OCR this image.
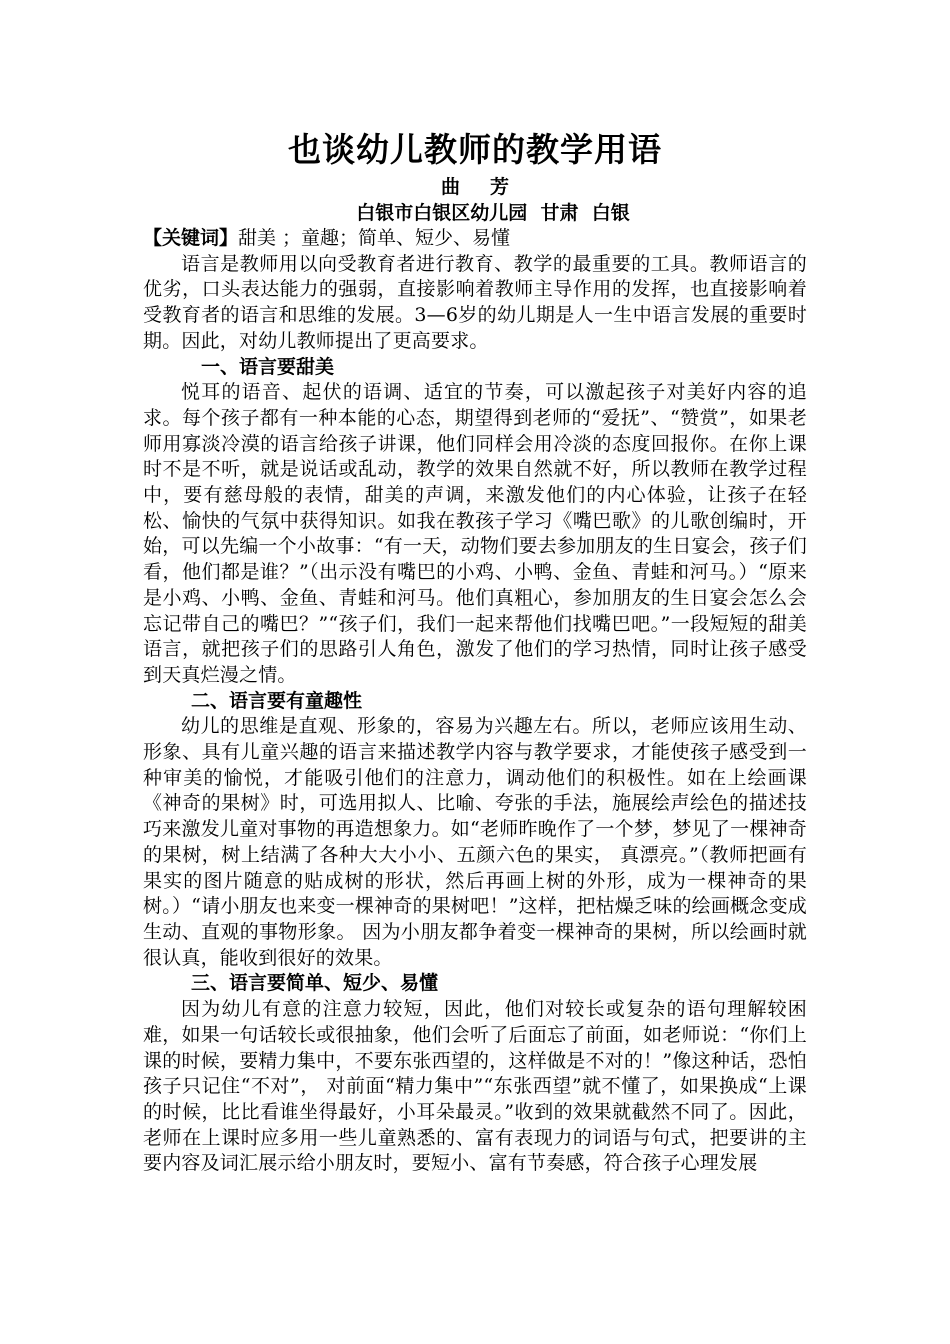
也谈幼儿教师的教学用语

曲芳

白银市白银区幼儿园  甘肃  白银

【关键词】甜美 ；童趣；简单、短少、易懂

语言是教师用以向受教育者进行教育、教学的最重要的工具。教师语言的优劣，口头表达能力的强弱，直接影响着教师主导作用的发挥，也直接影响着受教育者的语言和思维的发展。3—6岁的幼儿期是人一生中语言发展的重要时期。因此，对幼儿教师提出了更高要求。

一、语言要甜美

悦耳的语音、起伏的语调、适宜的节奏，可以激起孩子对美好内容的追求。每个孩子都有一种本能的心态，期望得到老师的“爱抚”、“赞赏”，如果老师用寡淡冷漠的语言给孩子讲课，他们同样会用冷淡的态度回报你。在你上课时不是不听，就是说话或乱动，教学的效果自然就不好，所以教师在教学过程中，要有慈母般的表情，甜美的声调，来激发他们的内心体验，让孩子在轻松、愉快的气氛中获得知识。如我在教孩子学习《嘴巴歌》的儿歌创编时，开始，可以先编一个小故事：“有一天，动物们要去参加朋友的生日宴会，孩子们看，他们都是谁？”（出示没有嘴巴的小鸡、小鸭、金鱼、青蛙和河马。）“原来是小鸡、小鸭、金鱼、青蛙和河马。他们真粗心，参加朋友的生日宴会怎么会忘记带自己的嘴巴？”“孩子们，我们一起来帮他们找嘴巴吧。”一段短短的甜美语言，就把孩子们的思路引人角色，激发了他们的学习热情，同时让孩子感受到天真烂漫之情。

二、语言要有童趣性

幼儿的思维是直观、形象的，容易为兴趣左右。所以，老师应该用生动、形象、具有儿童兴趣的语言来描述教学内容与教学要求，才能使孩子感受到一种审美的愉悦，才能吸引他们的注意力，调动他们的积极性。如在上绘画课《神奇的果树》时，可选用拟人、比喻、夸张的手法，施展绘声绘色的描述技巧来激发儿童对事物的再造想象力。如“老师昨晚作了一个梦，梦见了一棵神奇的果树，树上结满了各种大大小小、五颜六色的果实， 真漂亮。”（教师把画有果实的图片随意的贴成树的形状，然后再画上树的外形，成为一棵神奇的果树。）“请小朋友也来变一棵神奇的果树吧！”这样，把枯燥乏味的绘画概念变成生动、直观的事物形象。 因为小朋友都争着变一棵神奇的果树，所以绘画时就很认真，能收到很好的效果。

三、语言要简单、短少、易懂

因为幼儿有意的注意力较短，因此，他们对较长或复杂的语句理解较困难，如果一句话较长或很抽象，他们会听了后面忘了前面，如老师说：“你们上课的时候，要精力集中，不要东张西望的，这样做是不对的！”像这种话，恐怕孩子只记住“不对”， 对前面“精力集中”“东张西望”就不懂了，如果换成“上课的时候，比比看谁坐得最好，小耳朵最灵。”收到的效果就截然不同了。因此，老师在上课时应多用一些儿童熟悉的、富有表现力的词语与句式，把要讲的主要内容及词汇展示给小朋友时，要短小、富有节奏感，符合孩子心理发展
